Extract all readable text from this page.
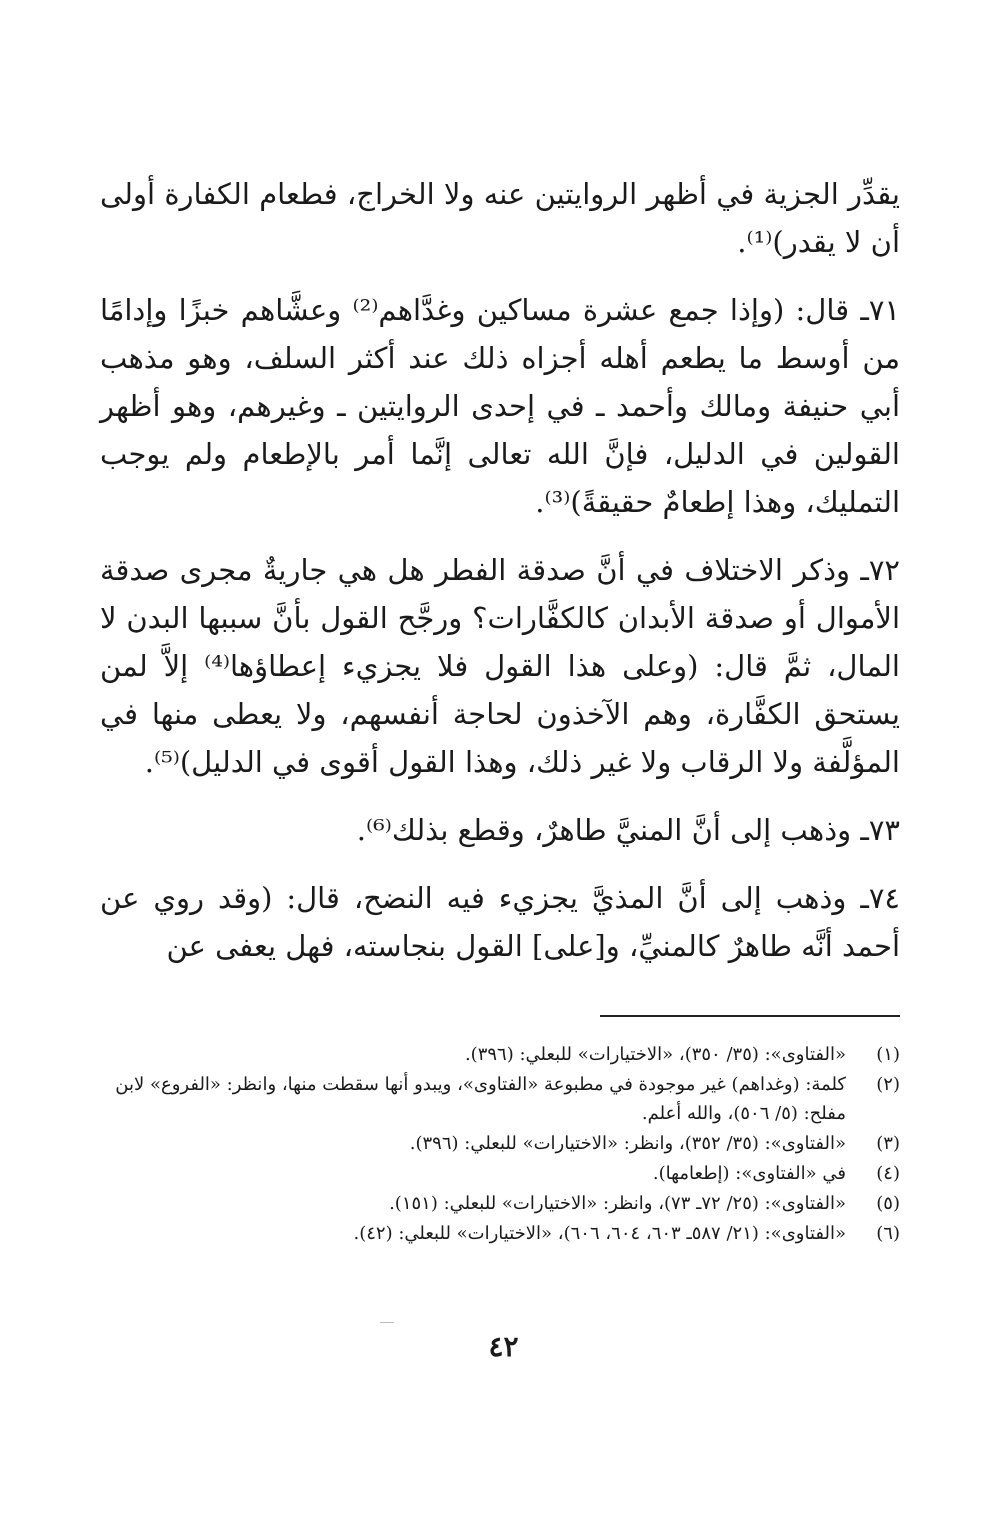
يقدِّر الجزية في أظهر الروايتين عنه ولا الخراج، فطعام الكفارة أولى أن لا يقدر)⁽¹⁾.

٧١ـ قال: (وإذا جمع عشرة مساكين وغدَّاهم⁽²⁾ وعشَّاهم خبزًا وإدامًا من أوسط ما يطعم أهله أجزاه ذلك عند أكثر السلف، وهو مذهب أبي حنيفة ومالك وأحمد ـ في إحدى الروايتين ـ وغيرهم، وهو أظهر القولين في الدليل، فإنَّ الله تعالى إنَّما أمر بالإطعام ولم يوجب التمليك، وهذا إطعامٌ حقيقةً)⁽³⁾.

٧٢ـ وذكر الاختلاف في أنَّ صدقة الفطر هل هي جاريةٌ مجرى صدقة الأموال أو صدقة الأبدان كالكفَّارات؟ ورجَّح القول بأنَّ سببها البدن لا المال، ثمَّ قال: (وعلى هذا القول فلا يجزيء إعطاؤها⁽⁴⁾ إلاَّ لمن يستحق الكفَّارة، وهم الآخذون لحاجة أنفسهم، ولا يعطى منها في المؤلَّفة ولا الرقاب ولا غير ذلك، وهذا القول أقوى في الدليل)⁽⁵⁾.

٧٣ـ وذهب إلى أنَّ المنيَّ طاهرٌ، وقطع بذلك⁽⁶⁾.

٧٤ـ وذهب إلى أنَّ المذيَّ يجزيء فيه النضح، قال: (وقد روي عن أحمد أنَّه طاهرٌ كالمنيِّ، و[على] القول بنجاسته، فهل يعفى عن

(١)
«الفتاوى»: (٣٥/ ٣٥٠)، «الاختيارات» للبعلي: (٣٩٦).
(٢)
كلمة: (وغداهم) غير موجودة في مطبوعة «الفتاوى»، ويبدو أنها سقطت منها، وانظر: «الفروع» لابن مفلح: (٥/ ٥٠٦)، والله أعلم.
(٣)
«الفتاوى»: (٣٥/ ٣٥٢)، وانظر: «الاختيارات» للبعلي: (٣٩٦).
(٤)
في «الفتاوى»: (إطعامها).
(٥)
«الفتاوى»: (٢٥/ ٧٢ـ ٧٣)، وانظر: «الاختيارات» للبعلي: (١٥١).
(٦)
«الفتاوى»: (٢١/ ٥٨٧ـ ٦٠٣، ٦٠٤، ٦٠٦)، «الاختيارات» للبعلي: (٤٢).
٤٢
